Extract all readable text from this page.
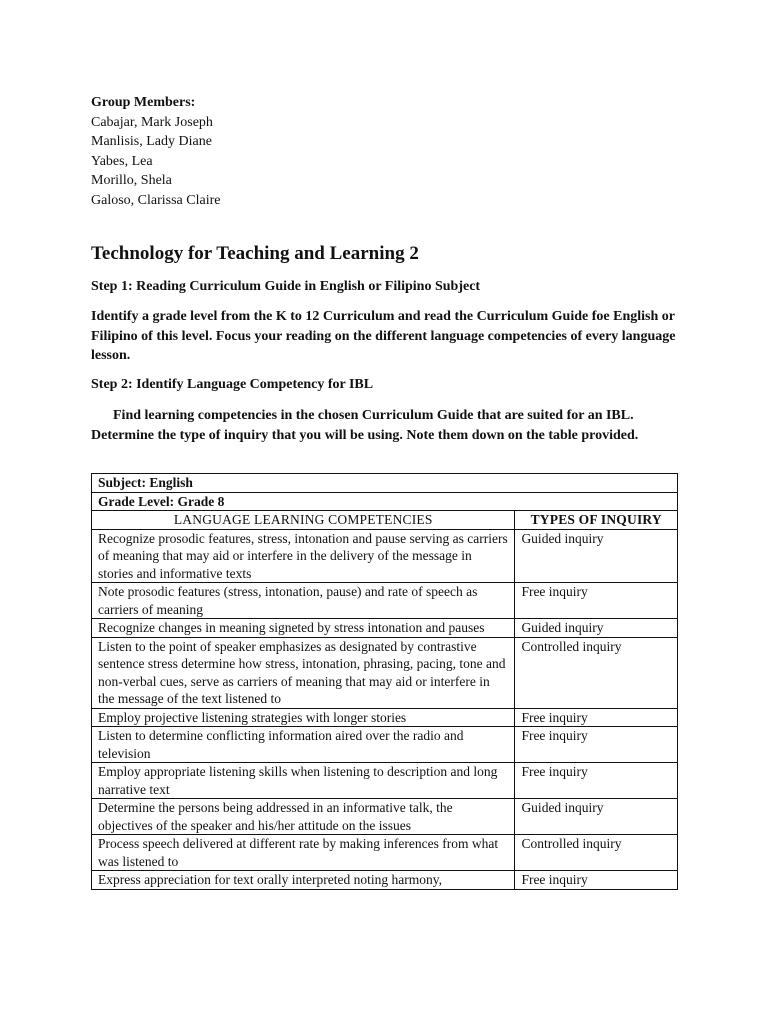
Group Members:
Cabajar, Mark Joseph
Manlisis, Lady Diane
Yabes, Lea
Morillo, Shela
Galoso, Clarissa Claire
Technology for Teaching and Learning 2

Step 1: Reading Curriculum Guide in English or Filipino Subject

Identify a grade level from the K to 12 Curriculum and read the Curriculum Guide foe English or Filipino of this level. Focus your reading on the different language competencies of every language lesson.

Step 2: Identify Language Competency for IBL

Find learning competencies in the chosen Curriculum Guide that are suited for an IBL. Determine the type of inquiry that you will be using. Note them down on the table provided.

Subject: English	
Grade Level: Grade 8	
LANGUAGE LEARNING COMPETENCIES	TYPES OF INQUIRY
Recognize prosodic features, stress, intonation and pause serving as carriers of meaning that may aid or interfere in the delivery of the message in stories and informative texts	Guided inquiry
Note prosodic features (stress, intonation, pause) and rate of speech as carriers of meaning	Free inquiry
Recognize changes in meaning signeted by stress intonation and pauses	Guided inquiry
Listen to the point of speaker emphasizes as designated by contrastive sentence stress determine how stress, intonation, phrasing, pacing, tone and non-verbal cues, serve as carriers of meaning that may aid or interfere in the message of the text listened to	Controlled inquiry
Employ projective listening strategies with longer stories	Free inquiry
Listen to determine conflicting information aired over the radio and television	Free inquiry
Employ appropriate listening skills when listening to description and long narrative text	Free inquiry
Determine the persons being addressed in an informative talk, the objectives of the speaker and his/her attitude on the issues	Guided inquiry
Process speech delivered at different rate by making inferences from what was listened to	Controlled inquiry

Express appreciation for text orally interpreted noting harmony,	Free inquiry
